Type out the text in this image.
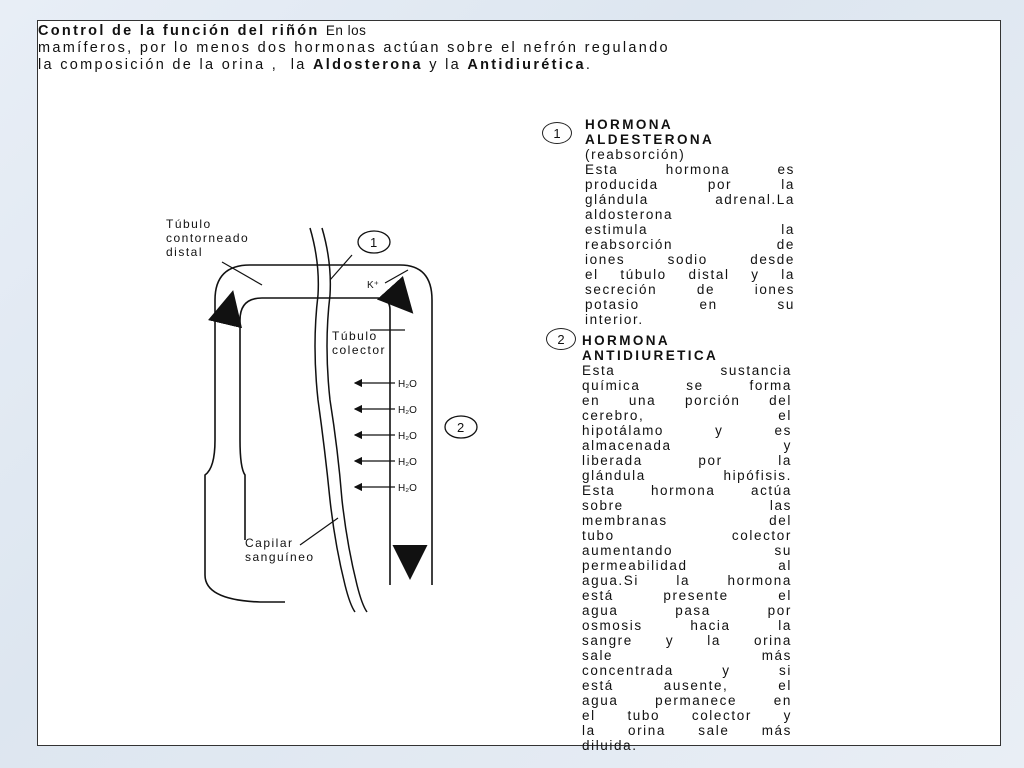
Control de la función del riñón En los
mamíferos, por lo menos dos hormonas actúan sobre el nefrón regulando
la composición de la orina ,  la Aldosterona y la Antidiurética.
H₂O
H₂O
H₂O
H₂O
H₂O
Túbulo
contorneado
distal
Túbulo
colector
Capilar
sanguíneo
K⁺
1
2
1
HORMONA
ALDESTERONA
(reabsorción)
Esta hormona es
producida por la
glándula adrenal.La
aldosterona
estimula la
reabsorción de
iones sodio desde
el túbulo distal y la
secreción de iones
potasio en su
interior.
2 HORMONA
ANTIDIURETICA
Esta sustancia
química se forma
en una porción del
cerebro, el
hipotálamo y es
almacenada y
liberada por la
glándula hipófisis.
Esta hormona actúa
sobre las
membranas del
tubo colector
aumentando su
permeabilidad al
agua.Si la hormona
está presente el
agua pasa por
osmosis hacia la
sangre y la orina
sale más
concentrada y si
está ausente, el
agua permanece en
el tubo colector y
la orina sale más
diluida.
